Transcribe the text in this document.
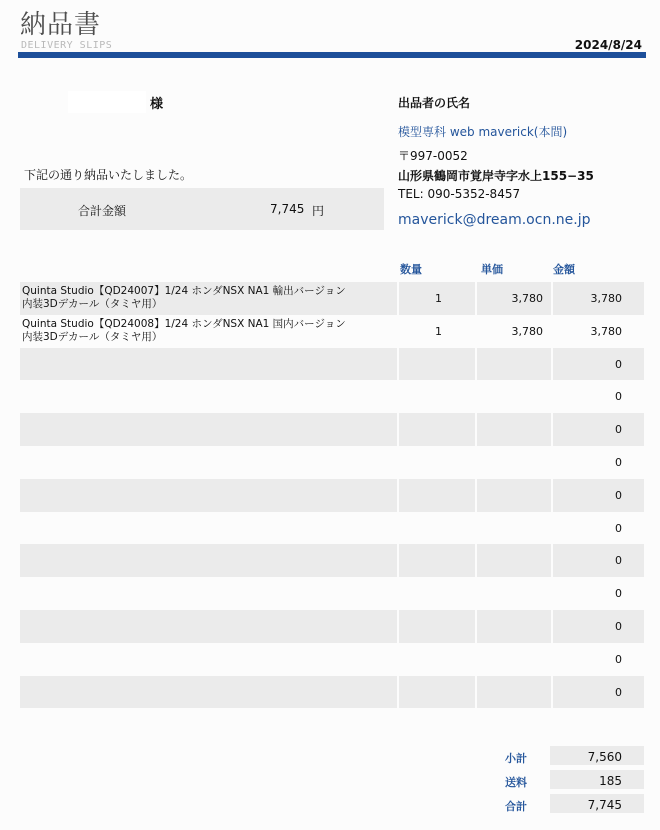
納品書
DELIVERY SLIPS	2024/8/24
様
下記の通り納品いたしました。
合計金額	7,745 円
出品者の氏名
模型専科 web maverick(本間)
〒997-0052
山形県鶴岡市覚岸寺字水上155−35
TEL: 090-5352-8457
maverick@dream.ocn.ne.jp
数量	単価	金額
Quinta Studio【QD24007】1/24 ホンダNSX NA1 輸出バージョン
内装3Dデカール（タミヤ用）	1	3,780	3,780
Quinta Studio【QD24008】1/24 ホンダNSX NA1 国内バージョン
内装3Dデカール（タミヤ用）	1	3,780	3,780
0
0
0
0
0
0
0
0
0
0
0
小計	7,560
送料	185
合計	7,745
